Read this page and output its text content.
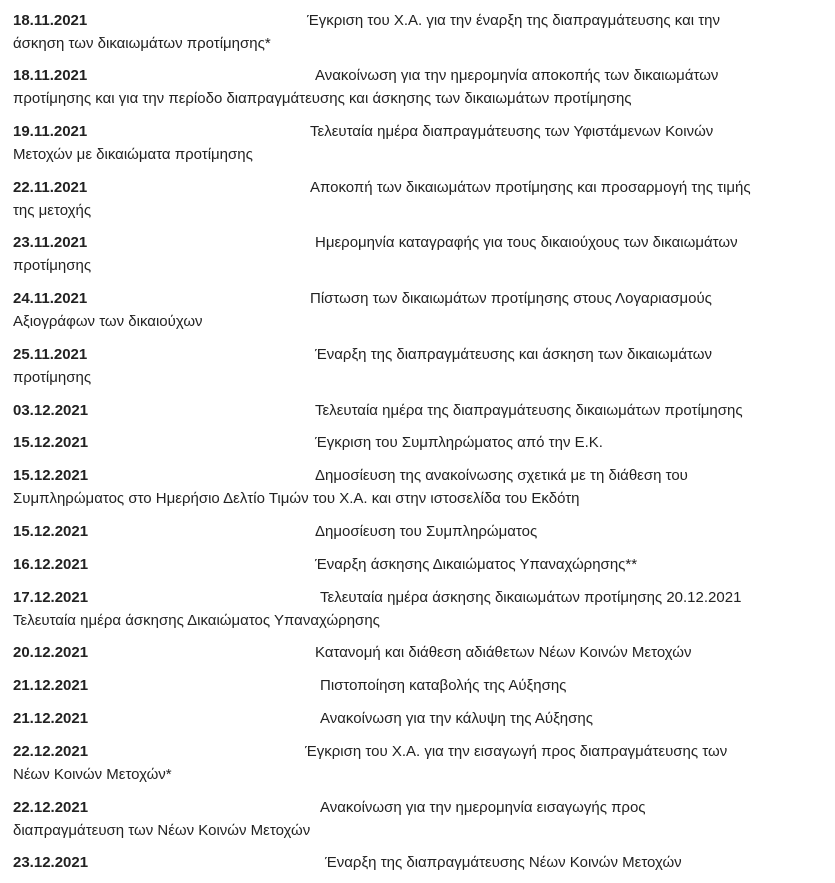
18.11.2021	Έγκριση του Χ.Α. για την έναρξη της διαπραγμάτευσης και την
άσκηση των δικαιωμάτων προτίμησης*
18.11.2021	Ανακοίνωση για την ημερομηνία αποκοπής των δικαιωμάτων
προτίμησης και για την περίοδο διαπραγμάτευσης και άσκησης των δικαιωμάτων προτίμησης
19.11.2021	Τελευταία ημέρα διαπραγμάτευσης των Υφιστάμενων Κοινών
Μετοχών με δικαιώματα προτίμησης
22.11.2021	Αποκοπή των δικαιωμάτων προτίμησης και προσαρμογή της τιμής
της μετοχής
23.11.2021	Ημερομηνία καταγραφής για τους δικαιούχους των δικαιωμάτων
προτίμησης
24.11.2021	Πίστωση των δικαιωμάτων προτίμησης στους Λογαριασμούς
Αξιογράφων των δικαιούχων
25.11.2021	Έναρξη της διαπραγμάτευσης και άσκηση των δικαιωμάτων
προτίμησης
03.12.2021	Τελευταία ημέρα της διαπραγμάτευσης δικαιωμάτων προτίμησης
15.12.2021	Έγκριση του Συμπληρώματος από την Ε.Κ.
15.12.2021	Δημοσίευση της ανακοίνωσης σχετικά με τη διάθεση του
Συμπληρώματος στο Ημερήσιο Δελτίο Τιμών του Χ.Α. και στην ιστοσελίδα του Εκδότη
15.12.2021	Δημοσίευση του Συμπληρώματος
16.12.2021	Έναρξη άσκησης Δικαιώματος Υπαναχώρησης**
17.12.2021	Τελευταία ημέρα άσκησης δικαιωμάτων προτίμησης 20.12.2021
Τελευταία ημέρα άσκησης Δικαιώματος Υπαναχώρησης
20.12.2021	Κατανομή και διάθεση αδιάθετων Νέων Κοινών Μετοχών
21.12.2021	Πιστοποίηση καταβολής της Αύξησης
21.12.2021	Ανακοίνωση για την κάλυψη της Αύξησης
22.12.2021	Έγκριση του Χ.Α. για την εισαγωγή προς διαπραγμάτευσης των
Νέων Κοινών Μετοχών*
22.12.2021	Ανακοίνωση για την ημερομηνία εισαγωγής προς
διαπραγμάτευση των Νέων Κοινών Μετοχών
23.12.2021	Έναρξη της διαπραγμάτευσης Νέων Κοινών Μετοχών
